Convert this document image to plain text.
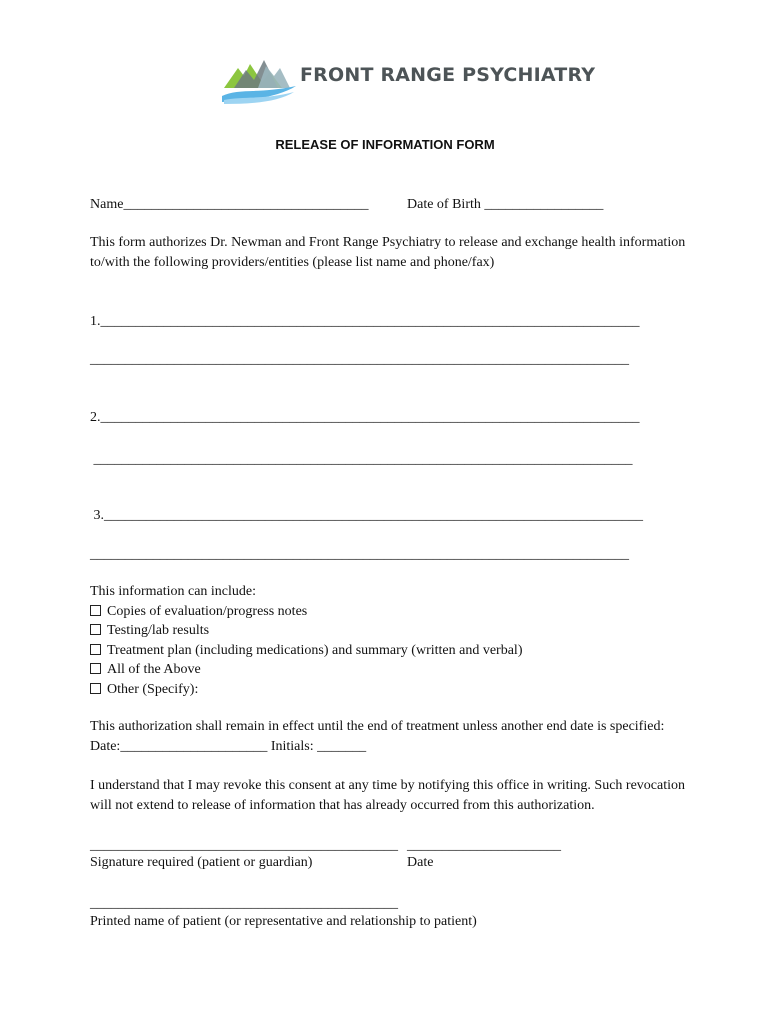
FRONT RANGE PSYCHIATRY
RELEASE OF INFORMATION FORM
Name___________________________________	Date of Birth _________________
This form authorizes Dr. Newman and Front Range Psychiatry to release and exchange health information to/with the following providers/entities (please list name and phone/fax)
1._____________________________________________________________________________
_____________________________________________________________________________
2._____________________________________________________________________________
_____________________________________________________________________________
3._____________________________________________________________________________
_____________________________________________________________________________
This information can include:
Copies of evaluation/progress notes
Testing/lab results
Treatment plan (including medications) and summary (written and verbal)
All of the Above
Other (Specify):
This authorization shall remain in effect until the end of treatment unless another end date is specified:
Date:_____________________ Initials: _______
I understand that I may revoke this consent at any time by notifying this office in writing. Such revocation will not extend to release of information that has already occurred from this authorization.
____________________________________________ ______________________
Signature required (patient or guardian)	Date
____________________________________________
Printed name of patient (or representative and relationship to patient)
